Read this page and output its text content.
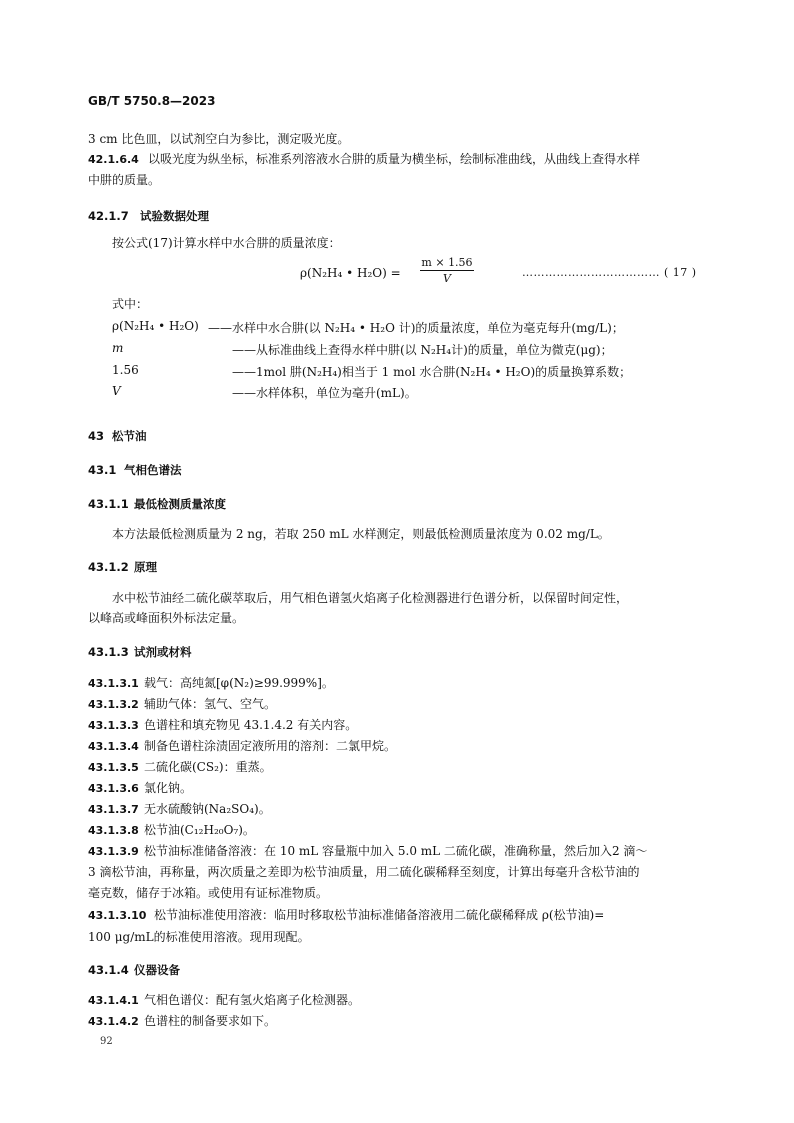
GB/T 5750.8—2023
3 cm 比色皿，以试剂空白为参比，测定吸光度。
42.1.6.4 以吸光度为纵坐标，标准系列溶液水合肼的质量为横坐标，绘制标准曲线，从曲线上查得水样
中肼的质量。
42.1.7 试验数据处理
按公式(17)计算水样中水合肼的质量浓度：
ρ(N₂H₄ • H₂O) =
m × 1.56
V	……………………………… ( 17 )
式中：
ρ(N₂H₄ • H₂O) ——水样中水合肼(以 N₂H₄ • H₂O 计)的质量浓度，单位为毫克每升(mg/L)；
m	——从标准曲线上查得水样中肼(以 N₂H₄计)的质量，单位为微克(μg)；
1.56	——1mol 肼(N₂H₄)相当于 1 mol 水合肼(N₂H₄ • H₂O)的质量换算系数；
V	——水样体积，单位为毫升(mL)。
43 松节油
43.1 气相色谱法
43.1.1 最低检测质量浓度
本方法最低检测质量为 2 ng，若取 250 mL 水样测定，则最低检测质量浓度为 0.02 mg/L。
43.1.2 原理
水中松节油经二硫化碳萃取后，用气相色谱氢火焰离子化检测器进行色谱分析，以保留时间定性，
以峰高或峰面积外标法定量。
43.1.3 试剂或材料
43.1.3.1 载气：高纯氮[φ(N₂)≥99.999%]。
43.1.3.2 辅助气体：氢气、空气。
43.1.3.3 色谱柱和填充物见 43.1.4.2 有关内容。
43.1.3.4 制备色谱柱涂渍固定液所用的溶剂：二氯甲烷。
43.1.3.5 二硫化碳(CS₂)：重蒸。
43.1.3.6 氯化钠。
43.1.3.7 无水硫酸钠(Na₂SO₄)。
43.1.3.8 松节油(C₁₂H₂₀O₇)。
43.1.3.9 松节油标准储备溶液：在 10 mL 容量瓶中加入 5.0 mL 二硫化碳，准确称量，然后加入2 滴～
3 滴松节油，再称量，两次质量之差即为松节油质量，用二硫化碳稀释至刻度，计算出每毫升含松节油的
毫克数，储存于冰箱。或使用有证标准物质。
43.1.3.10 松节油标准使用溶液：临用时移取松节油标准储备溶液用二硫化碳稀释成 ρ(松节油)=
100 μg/mL的标准使用溶液。现用现配。
43.1.4 仪器设备
43.1.4.1 气相色谱仪：配有氢火焰离子化检测器。
43.1.4.2 色谱柱的制备要求如下。
92
